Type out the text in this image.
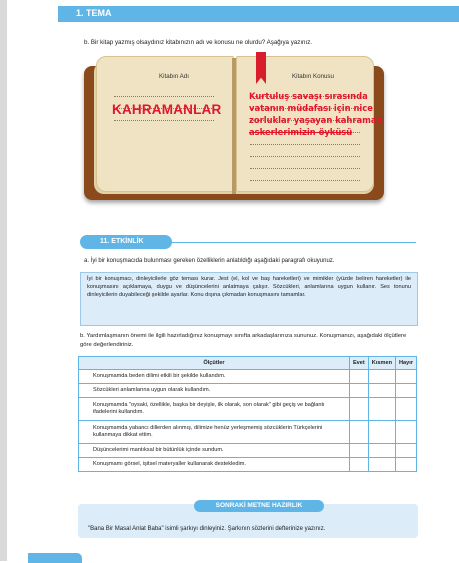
1. TEMA
b. Bir kitap yazmış olsaydınız kitabınızın adı ve konusu ne olurdu? Aşağıya yazınız.
Kitabın Adı	Kitabın Konusu
KAHRAMANLAR
Kurtuluş savaşı sırasında
vatanın müdafası için nice
zorluklar yaşayan kahraman
askerlerimizin öyküsü
11. ETKİNLİK
a. İyi bir konuşmacıda bulunması gereken özelliklerin anlatıldığı aşağıdaki paragrafı okuyunuz.

İyi bir konuşmacı, dinleyicilerle göz teması kurar. Jest (el, kol ve baş hareketleri) ve mimikler (yüzde beliren hareketler) ile konuşmasını açıklamaya, duygu ve düşüncelerini anlatmaya çalışır. Sözcükleri, anlamlarına uygun kullanır. Ses tonunu dinleyicilerin duyabileceği şekilde ayarlar. Konu dışına çıkmadan konuşmasını tamamlar.

b. Yardımlaşmanın önemi ile ilgili hazırladığınız konuşmayı sınıfta arkadaşlarınıza sununuz. Konuşmanızı, aşağıdaki ölçütlere göre değerlendiriniz.
Ölçütler	Evet	Kısmen	Hayır
Konuşmamda beden dilimi etkili bir şekilde kullandım.			
Sözcükleri anlamlarına uygun olarak kullandım.			
Konuşmamda "oysaki, özellikle, başka bir deyişle, ilk olarak, son olarak" gibi geçiş ve bağlantı ifadelerini kullandım.			
Konuşmamda yabancı dillerden alınmış, dilimize henüz yerleşmemiş sözcüklerin Türkçelerini kullanmaya dikkat ettim.			
Düşüncelerimi mantıksal bir bütünlük içinde sundum.			
Konuşmamı görsel, işitsel materyaller kullanarak destekledim.			
SONRAKİ METNE HAZIRLIK
"Bana Bir Masal Anlat Baba" isimli şarkıyı dinleyiniz. Şarkının sözlerini defterinize yazınız.
